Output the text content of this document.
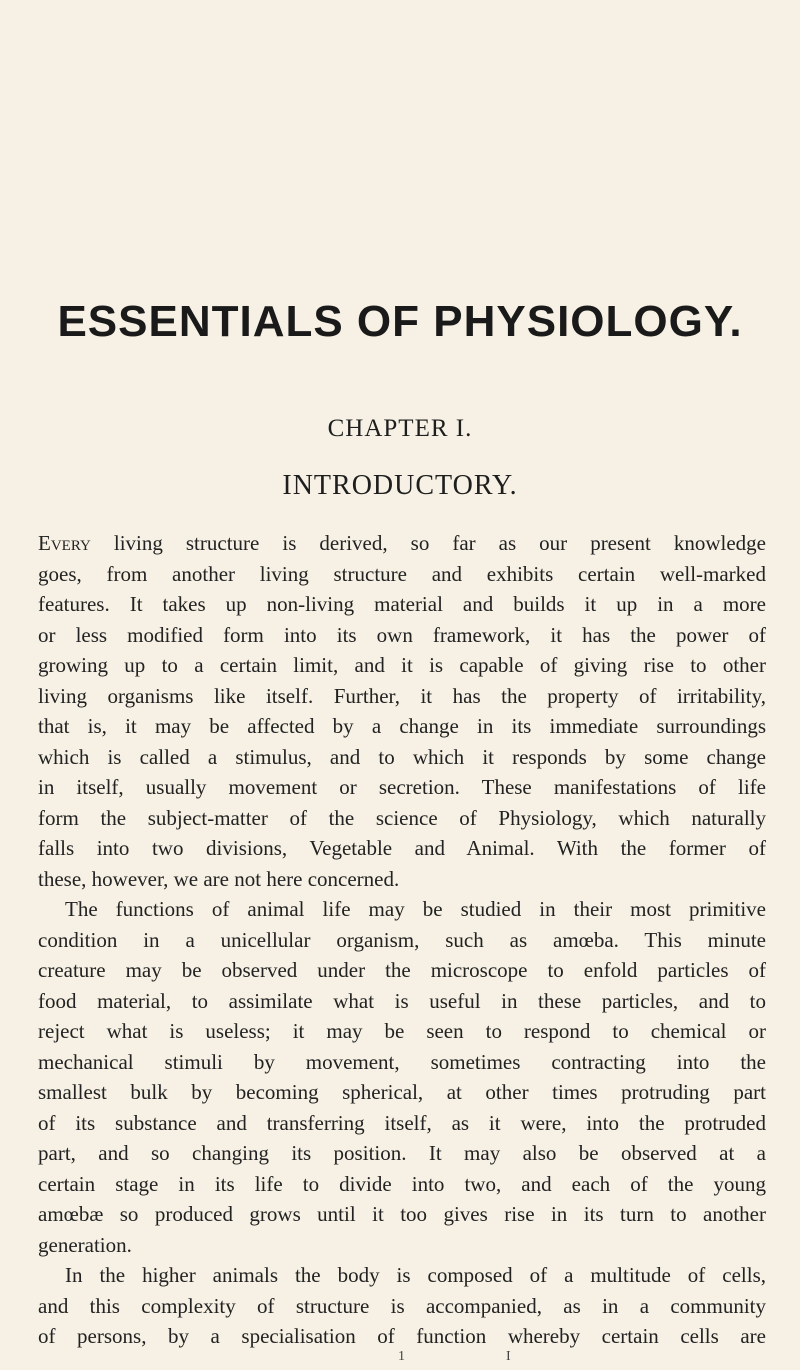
ESSENTIALS OF PHYSIOLOGY.
CHAPTER I.
INTRODUCTORY.

Every living structure is derived, so far as our present knowledge

goes, from another living structure and exhibits certain well-marked

features. It takes up non-living material and builds it up in a more

or less modified form into its own framework, it has the power of

growing up to a certain limit, and it is capable of giving rise to other

living organisms like itself. Further, it has the property of irritability,

that is, it may be affected by a change in its immediate surroundings

which is called a stimulus, and to which it responds by some change

in itself, usually movement or secretion. These manifestations of life

form the subject-matter of the science of Physiology, which naturally

falls into two divisions, Vegetable and Animal. With the former of

these, however, we are not here concerned.

The functions of animal life may be studied in their most primitive

condition in a unicellular organism, such as amœba. This minute

creature may be observed under the microscope to enfold particles of

food material, to assimilate what is useful in these particles, and to

reject what is useless; it may be seen to respond to chemical or

mechanical stimuli by movement, sometimes contracting into the

smallest bulk by becoming spherical, at other times protruding part

of its substance and transferring itself, as it were, into the protruded

part, and so changing its position. It may also be observed at a

certain stage in its life to divide into two, and each of the young

amœbæ so produced grows until it too gives rise in its turn to another

generation.

In the higher animals the body is composed of a multitude of cells,

and this complexity of structure is accompanied, as in a community

of persons, by a specialisation of function whereby certain cells are

1	I
